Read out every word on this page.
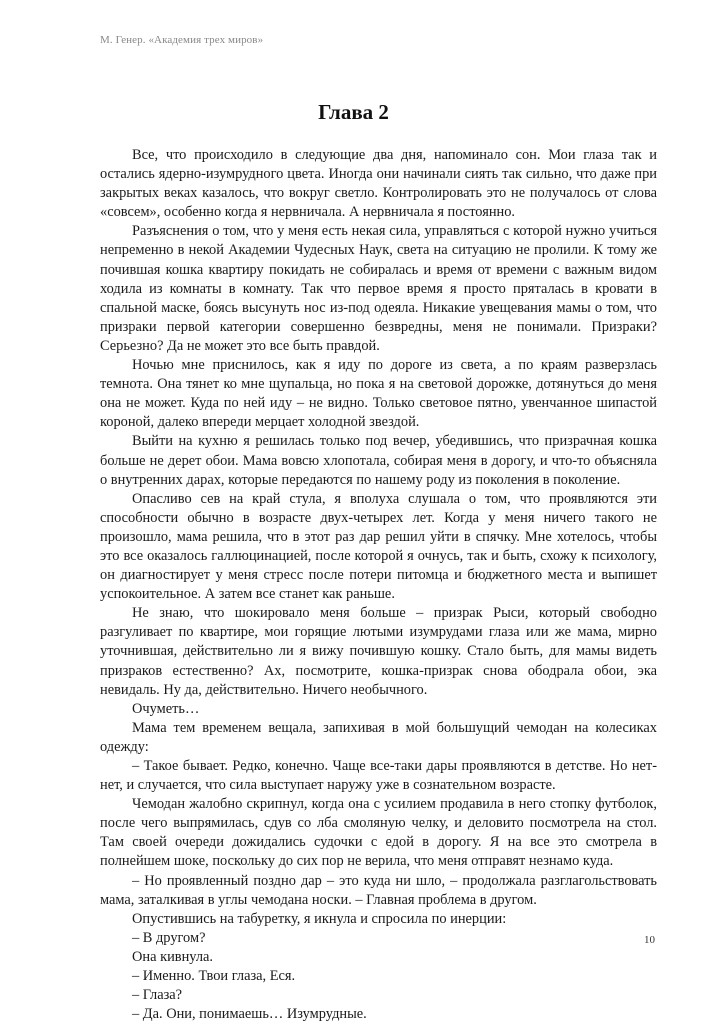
М. Генер. «Академия трех миров»
Глава 2

Все, что происходило в следующие два дня, напоминало сон. Мои глаза так и остались ядерно-изумрудного цвета. Иногда они начинали сиять так сильно, что даже при закрытых веках казалось, что вокруг светло. Контролировать это не получалось от слова «совсем», особенно когда я нервничала. А нервничала я постоянно.

Разъяснения о том, что у меня есть некая сила, управляться с которой нужно учиться непременно в некой Академии Чудесных Наук, света на ситуацию не пролили. К тому же почившая кошка квартиру покидать не собиралась и время от времени с важным видом ходила из комнаты в комнату. Так что первое время я просто пряталась в кровати в спальной маске, боясь высунуть нос из-под одеяла. Никакие увещевания мамы о том, что призраки первой категории совершенно безвредны, меня не понимали. Призраки? Серьезно? Да не может это все быть правдой.

Ночью мне приснилось, как я иду по дороге из света, а по краям разверзлась темнота. Она тянет ко мне щупальца, но пока я на световой дорожке, дотянуться до меня она не может. Куда по ней иду – не видно. Только световое пятно, увенчанное шипастой короной, далеко впереди мерцает холодной звездой.

Выйти на кухню я решилась только под вечер, убедившись, что призрачная кошка больше не дерет обои. Мама вовсю хлопотала, собирая меня в дорогу, и что-то объясняла о внутренних дарах, которые передаются по нашему роду из поколения в поколение.

Опасливо сев на край стула, я вполуха слушала о том, что проявляются эти способности обычно в возрасте двух-четырех лет. Когда у меня ничего такого не произошло, мама решила, что в этот раз дар решил уйти в спячку. Мне хотелось, чтобы это все оказалось галлюцинацией, после которой я очнусь, так и быть, схожу к психологу, он диагностирует у меня стресс после потери питомца и бюджетного места и выпишет успокоительное. А затем все станет как раньше.

Не знаю, что шокировало меня больше – призрак Рыси, который свободно разгуливает по квартире, мои горящие лютыми изумрудами глаза или же мама, мирно уточнившая, действительно ли я вижу почившую кошку. Стало быть, для мамы видеть призраков естественно? Ах, посмотрите, кошка-призрак снова ободрала обои, эка невидаль. Ну да, действительно. Ничего необычного.

Очуметь…

Мама тем временем вещала, запихивая в мой большущий чемодан на колесиках одежду:

– Такое бывает. Редко, конечно. Чаще все-таки дары проявляются в детстве. Но нет-нет, и случается, что сила выступает наружу уже в сознательном возрасте.

Чемодан жалобно скрипнул, когда она с усилием продавила в него стопку футболок, после чего выпрямилась, сдув со лба смоляную челку, и деловито посмотрела на стол. Там своей очереди дожидались судочки с едой в дорогу. Я на все это смотрела в полнейшем шоке, поскольку до сих пор не верила, что меня отправят незнамо куда.

– Но проявленный поздно дар – это куда ни шло, – продолжала разглагольствовать мама, заталкивая в углы чемодана носки. – Главная проблема в другом.

Опустившись на табуретку, я икнула и спросила по инерции:

– В другом?

Она кивнула.

– Именно. Твои глаза, Еся.

– Глаза?

– Да. Они, понимаешь… Изумрудные.

10
